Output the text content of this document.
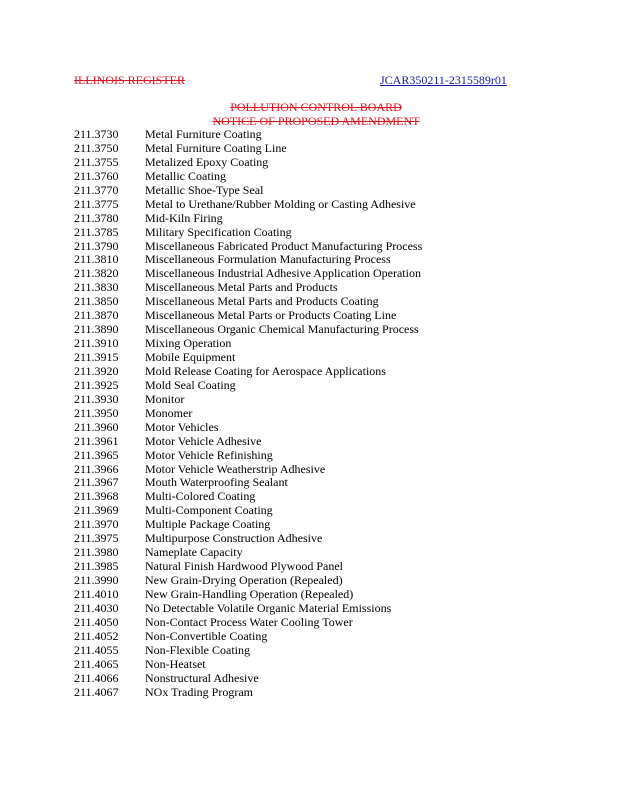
ILLINOIS REGISTER	JCAR350211-2315589r01
POLLUTION CONTROL BOARD
NOTICE OF PROPOSED AMENDMENT
211.3730 Metal Furniture Coating
211.3750 Metal Furniture Coating Line
211.3755 Metalized Epoxy Coating
211.3760 Metallic Coating
211.3770 Metallic Shoe-Type Seal
211.3775 Metal to Urethane/Rubber Molding or Casting Adhesive
211.3780 Mid-Kiln Firing
211.3785 Military Specification Coating
211.3790 Miscellaneous Fabricated Product Manufacturing Process
211.3810 Miscellaneous Formulation Manufacturing Process
211.3820 Miscellaneous Industrial Adhesive Application Operation
211.3830 Miscellaneous Metal Parts and Products
211.3850 Miscellaneous Metal Parts and Products Coating
211.3870 Miscellaneous Metal Parts or Products Coating Line
211.3890 Miscellaneous Organic Chemical Manufacturing Process
211.3910 Mixing Operation
211.3915 Mobile Equipment
211.3920 Mold Release Coating for Aerospace Applications
211.3925 Mold Seal Coating
211.3930 Monitor
211.3950 Monomer
211.3960 Motor Vehicles
211.3961 Motor Vehicle Adhesive
211.3965 Motor Vehicle Refinishing
211.3966 Motor Vehicle Weatherstrip Adhesive
211.3967 Mouth Waterproofing Sealant
211.3968 Multi-Colored Coating
211.3969 Multi-Component Coating
211.3970 Multiple Package Coating
211.3975 Multipurpose Construction Adhesive
211.3980 Nameplate Capacity
211.3985 Natural Finish Hardwood Plywood Panel
211.3990 New Grain-Drying Operation (Repealed)
211.4010 New Grain-Handling Operation (Repealed)
211.4030 No Detectable Volatile Organic Material Emissions
211.4050 Non-Contact Process Water Cooling Tower
211.4052 Non-Convertible Coating
211.4055 Non-Flexible Coating
211.4065 Non-Heatset
211.4066 Nonstructural Adhesive
211.4067 NOx Trading Program
